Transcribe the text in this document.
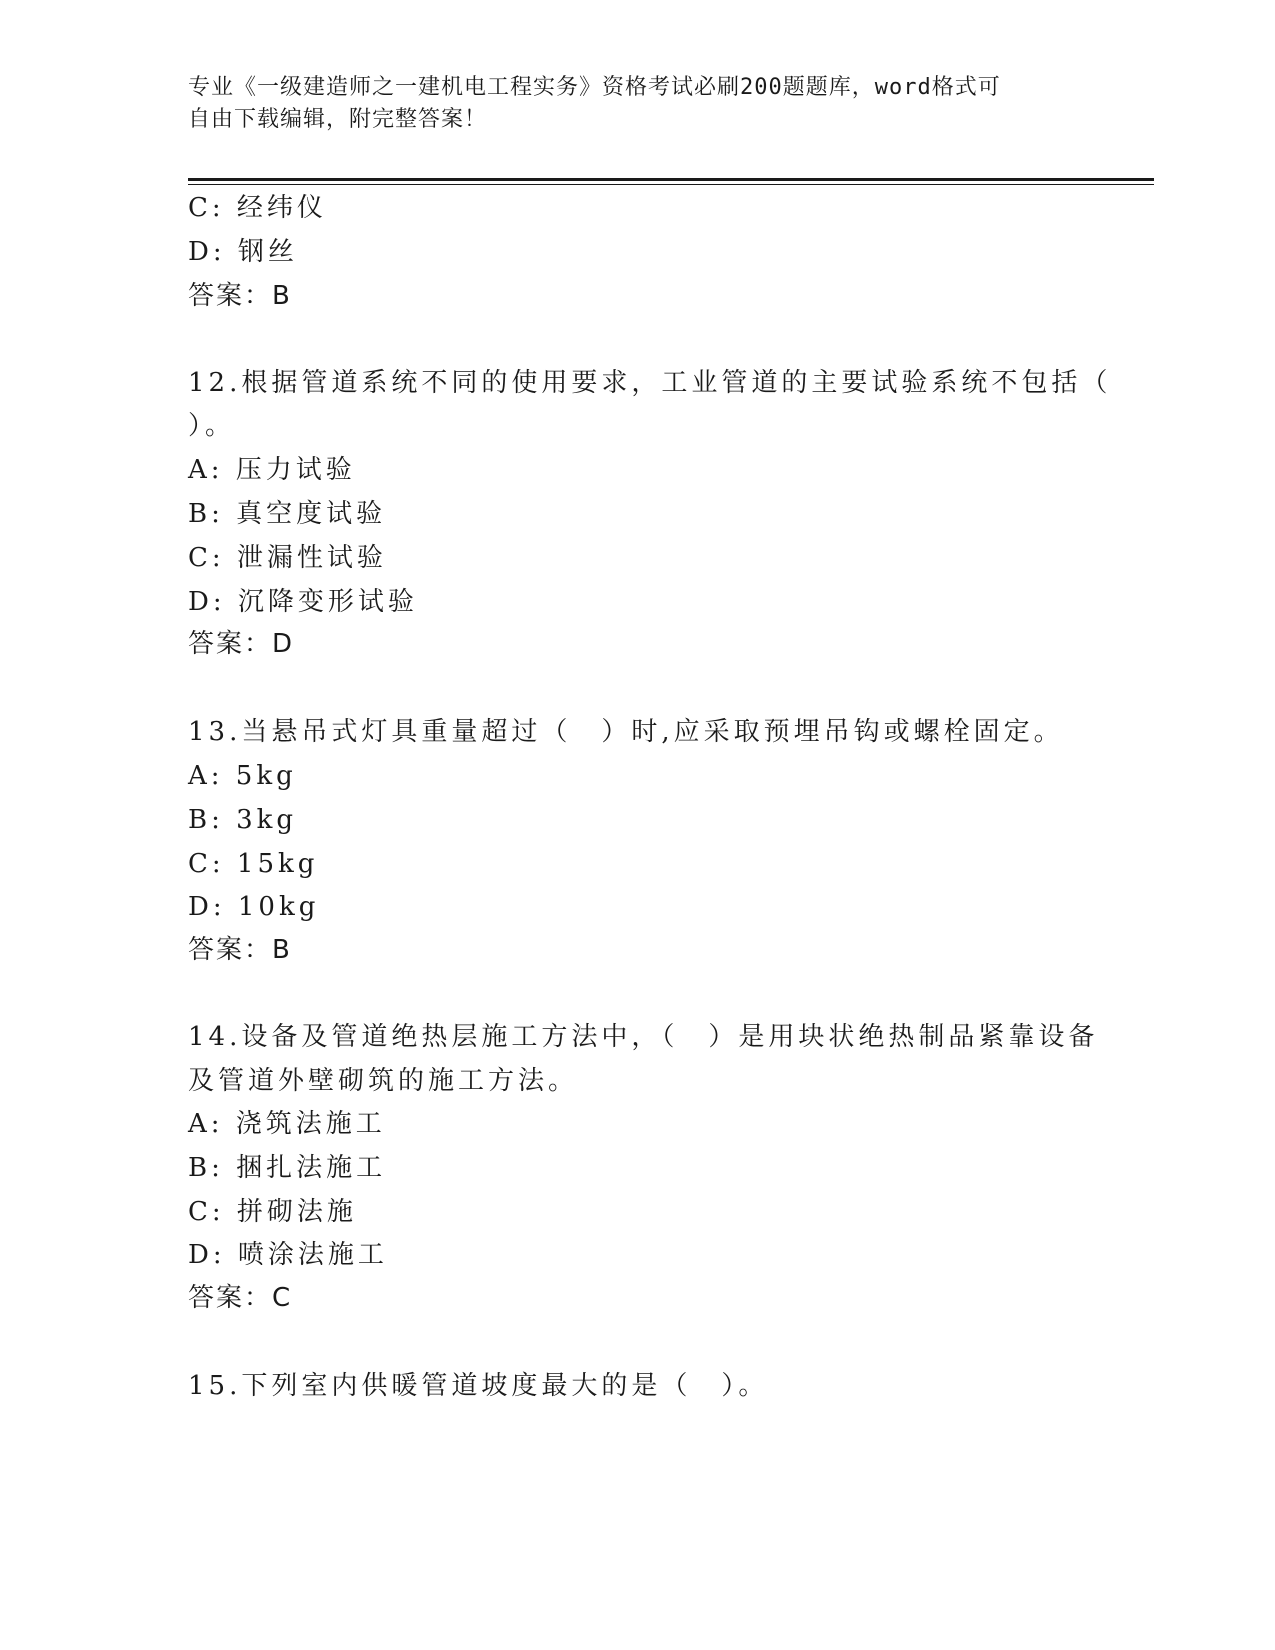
专业《一级建造师之一建机电工程实务》资格考试必刷200题题库，word格式可
自由下载编辑，附完整答案！
C: 经纬仪
D: 钢丝
答案：B
12.根据管道系统不同的使用要求，工业管道的主要试验系统不包括（
）。
A: 压力试验
B: 真空度试验
C: 泄漏性试验
D: 沉降变形试验
答案：D
13.当悬吊式灯具重量超过（　）时,应采取预埋吊钩或螺栓固定。
A: 5kg
B: 3kg
C: 15kg
D: 10kg
答案：B
14.设备及管道绝热层施工方法中，（　）是用块状绝热制品紧靠设备
及管道外壁砌筑的施工方法。
A: 浇筑法施工
B: 捆扎法施工
C: 拼砌法施
D: 喷涂法施工
答案：C
15.下列室内供暖管道坡度最大的是（　）。
